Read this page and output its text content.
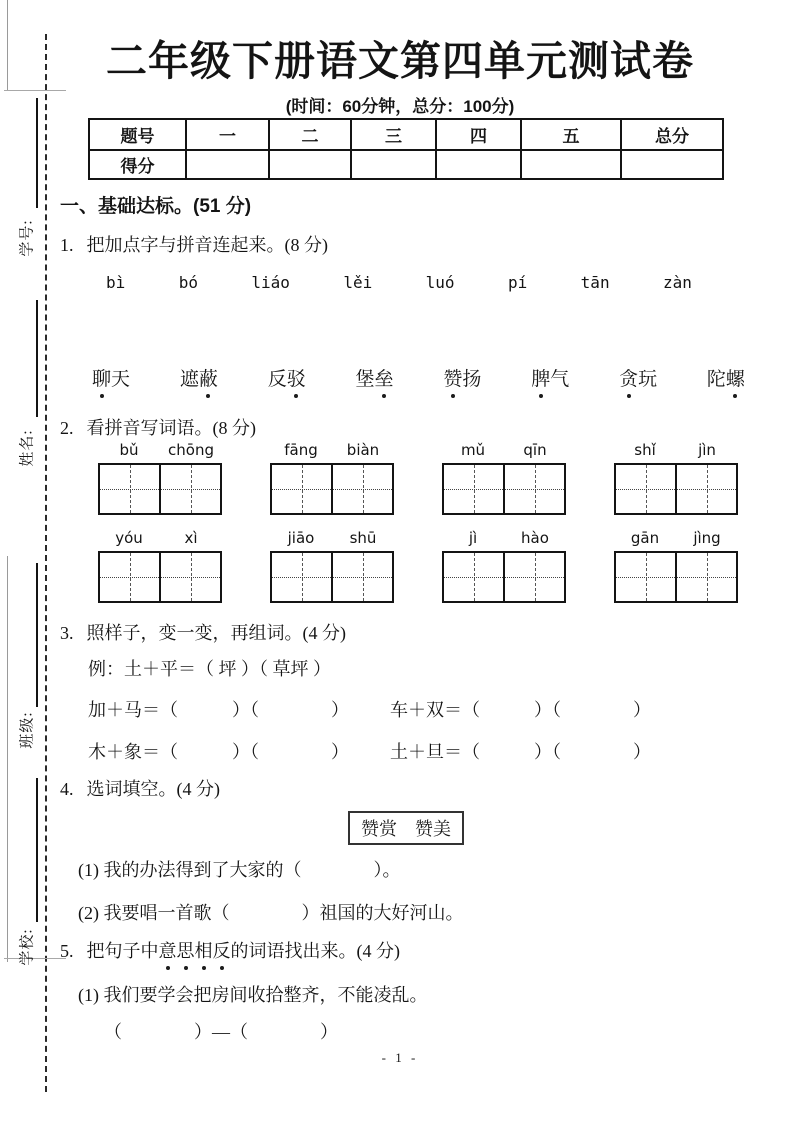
学号:
姓名:
班级:
学校:
二年级下册语文第四单元测试卷
(时间：60分钟，总分：100分)
题号	一	二	三	四	五	总分
得分						
一、基础达标。(51 分)
1. 把加点字与拼音连起来。(8 分)
bì	bó	liáo	lěi	luó	pí	tān	zàn
聊天	遮蔽	反驳	堡垒	赞扬	脾气	贪玩	陀螺
2. 看拼音写词语。(8 分)
bǔ	chōng	fāng	biàn	mǔ	qīn	shǐ	jìn
yóu	xì	jiāo	shū	jì	hào	gān	jìng
3. 照样子，变一变，再组词。(4 分)
例：土＋平＝（ 坪 ）（ 草坪 ）
加＋马＝（　　　）（　　　　） 车＋双＝（　　　）（　　　　）
木＋象＝（　　　）（　　　　） 土＋旦＝（　　　）（　　　　）
4. 选词填空。(4 分)
赞赏　赞美
(1) 我的办法得到了大家的（　　　　）。
(2) 我要唱一首歌（　　　　）祖国的大好河山。
5. 把句子中意思相反的词语找出来。(4 分)
(1) 我们要学会把房间收拾整齐，不能凌乱。
（　　　　）—（　　　　）
- 1 -
